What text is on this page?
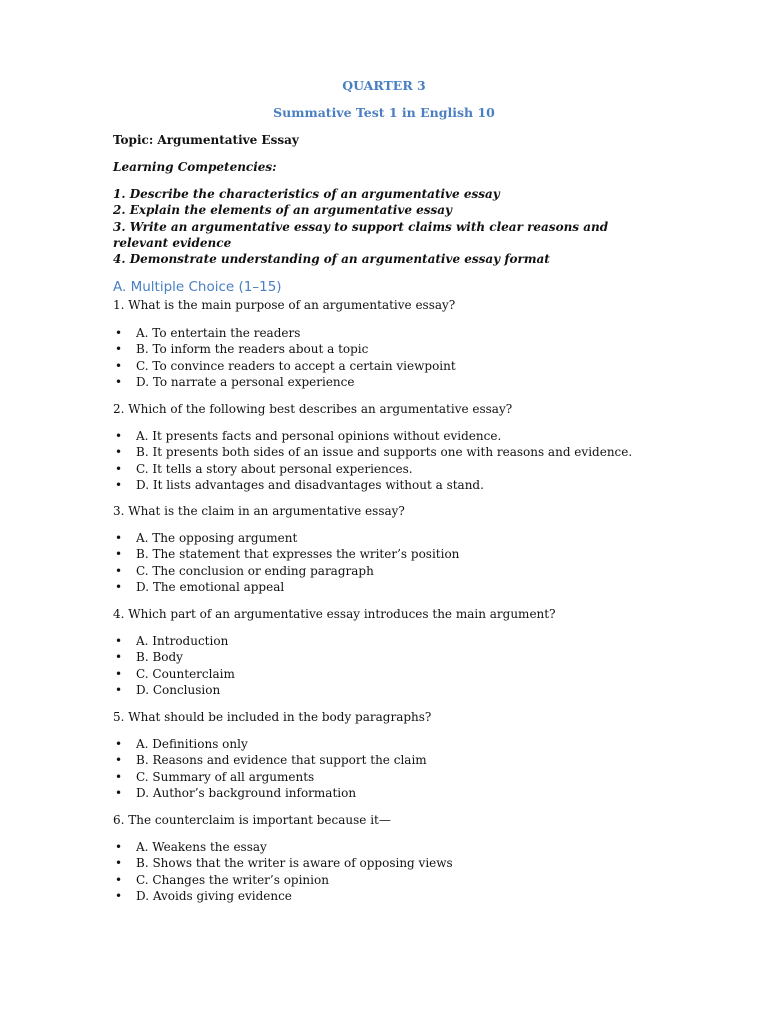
QUARTER 3
Summative Test 1 in English 10
Topic: Argumentative Essay
Learning Competencies:
1. Describe the characteristics of an argumentative essay
2. Explain the elements of an argumentative essay
3. Write an argumentative essay to support claims with clear reasons and relevant evidence
4. Demonstrate understanding of an argumentative essay format
A. Multiple Choice (1–15)
1. What is the main purpose of an argumentative essay?
• A. To entertain the readers
• B. To inform the readers about a topic
• C. To convince readers to accept a certain viewpoint
• D. To narrate a personal experience
2. Which of the following best describes an argumentative essay?
• A. It presents facts and personal opinions without evidence.
• B. It presents both sides of an issue and supports one with reasons and evidence.
• C. It tells a story about personal experiences.
• D. It lists advantages and disadvantages without a stand.
3. What is the claim in an argumentative essay?
• A. The opposing argument
• B. The statement that expresses the writer’s position
• C. The conclusion or ending paragraph
• D. The emotional appeal
4. Which part of an argumentative essay introduces the main argument?
• A. Introduction
• B. Body
• C. Counterclaim
• D. Conclusion
5. What should be included in the body paragraphs?
• A. Definitions only
• B. Reasons and evidence that support the claim
• C. Summary of all arguments
• D. Author’s background information
6. The counterclaim is important because it—
• A. Weakens the essay
• B. Shows that the writer is aware of opposing views
• C. Changes the writer’s opinion
• D. Avoids giving evidence
